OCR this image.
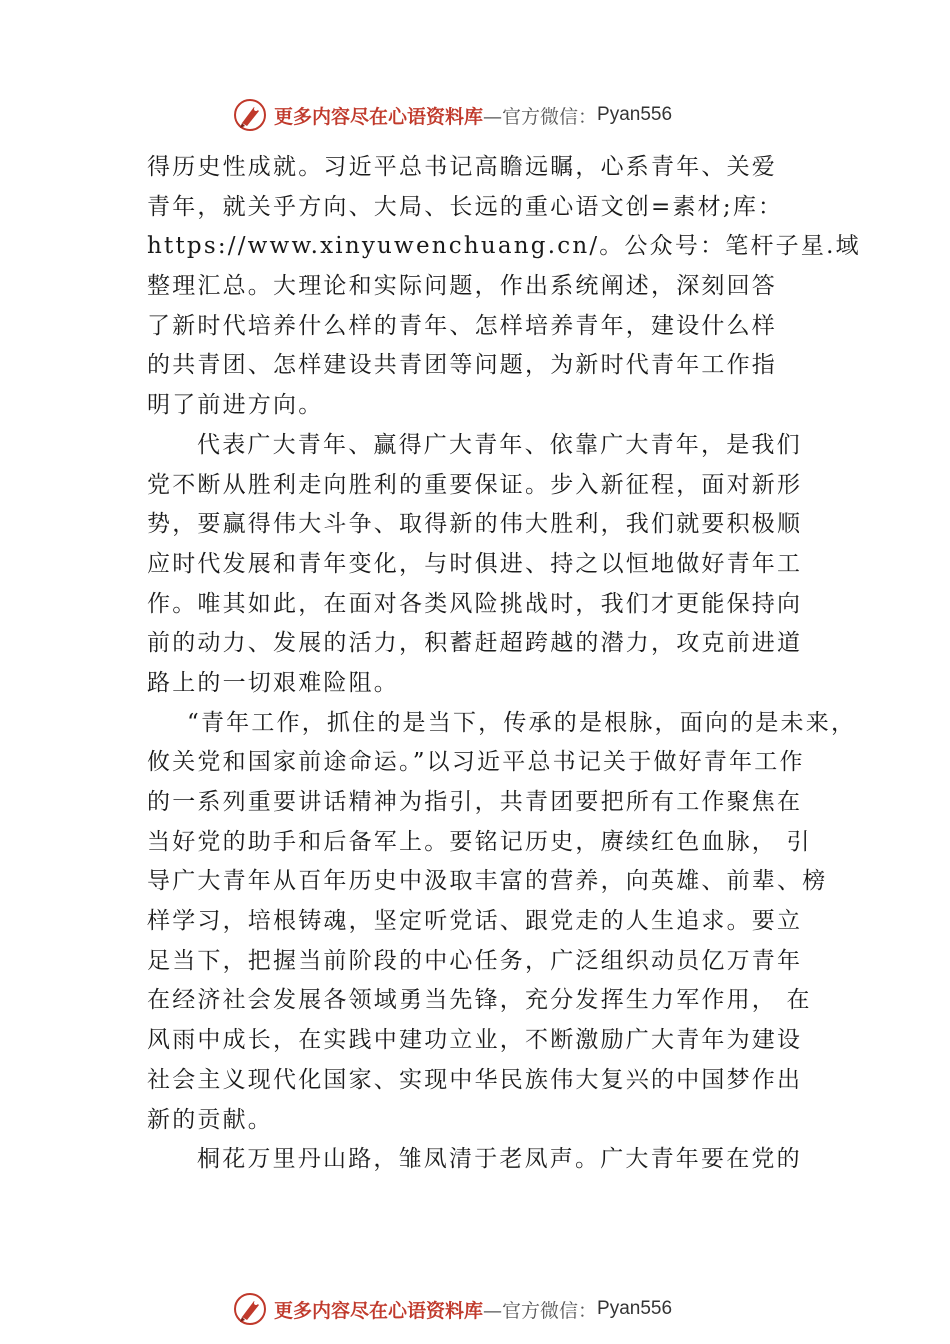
更多内容尽在心语资料库 —官方微信： Pyan556
得历史性成就。习近平总书记高瞻远瞩，心系青年、关爱
青年，就关乎方向、大局、长远的重心语文创=素材;库：
https://www.xinyuwenchuang.cn/。公众号：笔杆子星.域
整理汇总。大理论和实际问题，作出系统阐述，深刻回答
了新时代培养什么样的青年、怎样培养青年，建设什么样
的共青团、怎样建设共青团等问题，为新时代青年工作指
明了前进方向。
代表广大青年、赢得广大青年、依靠广大青年，是我们
党不断从胜利走向胜利的重要保证。步入新征程，面对新形
势，要赢得伟大斗争、取得新的伟大胜利，我们就要积极顺
应时代发展和青年变化，与时俱进、持之以恒地做好青年工
作。唯其如此，在面对各类风险挑战时，我们才更能保持向
前的动力、发展的活力，积蓄赶超跨越的潜力，攻克前进道
路上的一切艰难险阻。
“青年工作，抓住的是当下，传承的是根脉，面向的是未来，
攸关党和国家前途命运。”以习近平总书记关于做好青年工作
的一系列重要讲话精神为指引，共青团要把所有工作聚焦在
当好党的助手和后备军上。要铭记历史，赓续红色血脉， 引
导广大青年从百年历史中汲取丰富的营养，向英雄、前辈、榜
样学习，培根铸魂，坚定听党话、跟党走的人生追求。要立
足当下，把握当前阶段的中心任务，广泛组织动员亿万青年
在经济社会发展各领域勇当先锋，充分发挥生力军作用， 在
风雨中成长，在实践中建功立业，不断激励广大青年为建设
社会主义现代化国家、实现中华民族伟大复兴的中国梦作出
新的贡献。
桐花万里丹山路，雏凤清于老凤声。广大青年要在党的
更多内容尽在心语资料库 —官方微信： Pyan556
